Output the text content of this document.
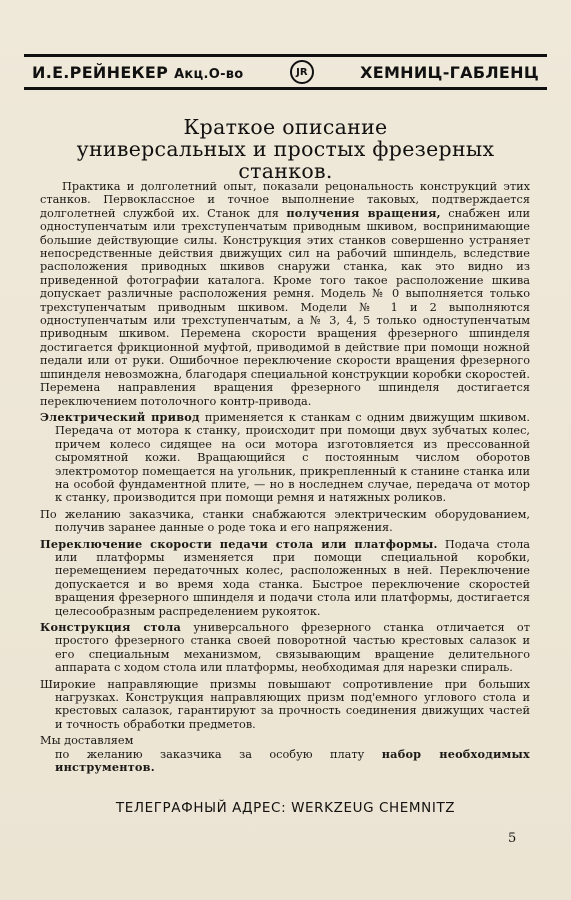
И.Е.РЕЙНЕКЕР Акц.О-во	JR	ХЕМНИЦ-ГАБЛЕНЦ
Краткое описание
универсальных и простых фрезерных
станков.

Практика и долголетний опыт, показали рецональность конструкций этих станков. Первоклассное и точное выполнение таковых, подтверждается долголетней службой их. Станок для получения вращения, снабжен или одноступенчатым или трехступенчатым приводным шкивом, воспринимающие большие действующие силы. Конструкция этих станков совершенно устраняет непосредственные действия движущих сил на рабочий шпиндель, вследствие расположения приводных шкивов снаружи станка, как это видно из приведенной фотографии каталога. Кроме того такое расположение шкива допускает различные расположения ремня. Модель № 0 выполняется только трехступенчатым приводным шкивом. Модели № 1 и 2 выполняются одноступенчатым или трехступенчатым, а № 3, 4, 5 только одноступенчатым приводным шкивом. Перемена скорости вращения фрезерного шпинделя достигается фрикционной муфтой, приводимой в действие при помощи ножной педали или от руки. Ошибочное переключение скорости вращения фрезерного шпинделя невозможна, благодаря специальной конструкции коробки скоростей. Перемена направления вращения фрезерного шпинделя достигается переключением потолочного контр-привода.

Электрический привод применяется к станкам с одним движущим шкивом. Передача от мотора к станку, происходит при помощи двух зубчатых колес, причем колесо сидящее на оси мотора изготовляется из прессованной сыромятной кожи. Вращающийся с постоянным числом оборотов электромотор помещается на угольник, прикрепленный к станине станка или на особой фундаментной плите, — но в носледнем случае, передача от мотор к станку, производится при помощи ремня и натяжных роликов.

По желанию заказчика, станки снабжаются электрическим оборудованием, получив заранее данные о роде тока и его напряжения.

Переключение скорости педачи стола или платформы. Подача стола или платформы изменяется при помощи специальной коробки, перемещением передаточных колес, расположенных в ней. Переключение допускается и во время хода станка. Быстрое переключение скоростей вращения фрезерного шпинделя и подачи стола или платформы, достигается целесообразным распределением рукояток.

Конструкция стола универсального фрезерного станка отличается от простого фрезерного станка своей поворотной частью крестовых салазок и его специальным механизмом, связывающим вращение делительного аппарата с ходом стола или платформы, необходимая для нарезки спираль.

Широкие направляющие призмы повышают сопротивление при больших нагрузках. Конструкция направляющих призм под'емного углового стола и крестовых салазок, гарантируют за прочность соединения движущих частей и точность обработки предметов.

Мы доставляем

по желанию заказчика за особую плату набор необходимых инструментов.

ТЕЛЕГРАФНЫЙ АДРЕС: WERKZEUG CHEMNITZ
5
